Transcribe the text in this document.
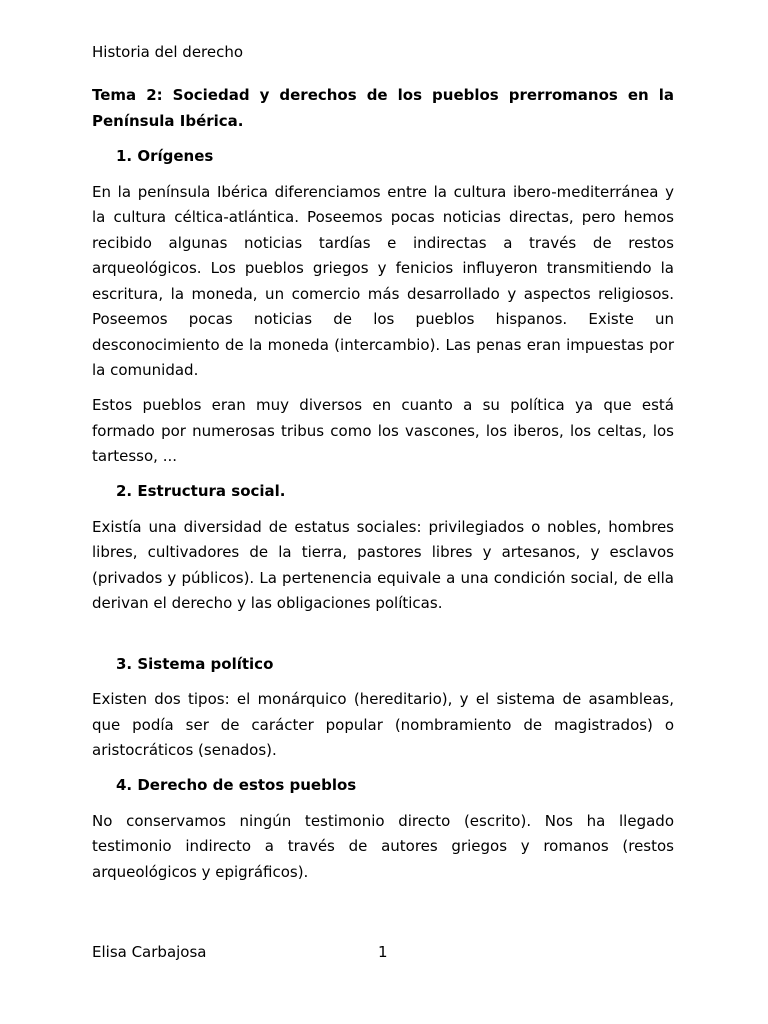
Historia del derecho

Tema 2: Sociedad y derechos de los pueblos prerromanos en la Península Ibérica.

1. Orígenes

En la península Ibérica diferenciamos entre la cultura ibero-mediterránea y la cultura céltica-atlántica. Poseemos pocas noticias directas, pero hemos recibido algunas noticias tardías e indirectas a través de restos arqueológicos. Los pueblos griegos y fenicios influyeron transmitiendo la escritura, la moneda, un comercio más desarrollado y aspectos religiosos. Poseemos pocas noticias de los pueblos hispanos. Existe un desconocimiento de la moneda (intercambio). Las penas eran impuestas por la comunidad.

Estos pueblos eran muy diversos en cuanto a su política ya que está formado por numerosas tribus como los vascones, los iberos, los celtas, los tartesso, ...

2. Estructura social.

Existía una diversidad de estatus sociales: privilegiados o nobles, hombres libres, cultivadores de la tierra, pastores libres y artesanos, y esclavos (privados y públicos). La pertenencia equivale a una condición social, de ella derivan el derecho y las obligaciones políticas.

3. Sistema político

Existen dos tipos: el monárquico (hereditario), y el sistema de asambleas, que podía ser de carácter popular (nombramiento de magistrados) o aristocráticos (senados).

4. Derecho de estos pueblos

No conservamos ningún testimonio directo (escrito). Nos ha llegado testimonio indirecto a través de autores griegos y romanos (restos arqueológicos y epigráficos).

Elisa Carbajosa	1
